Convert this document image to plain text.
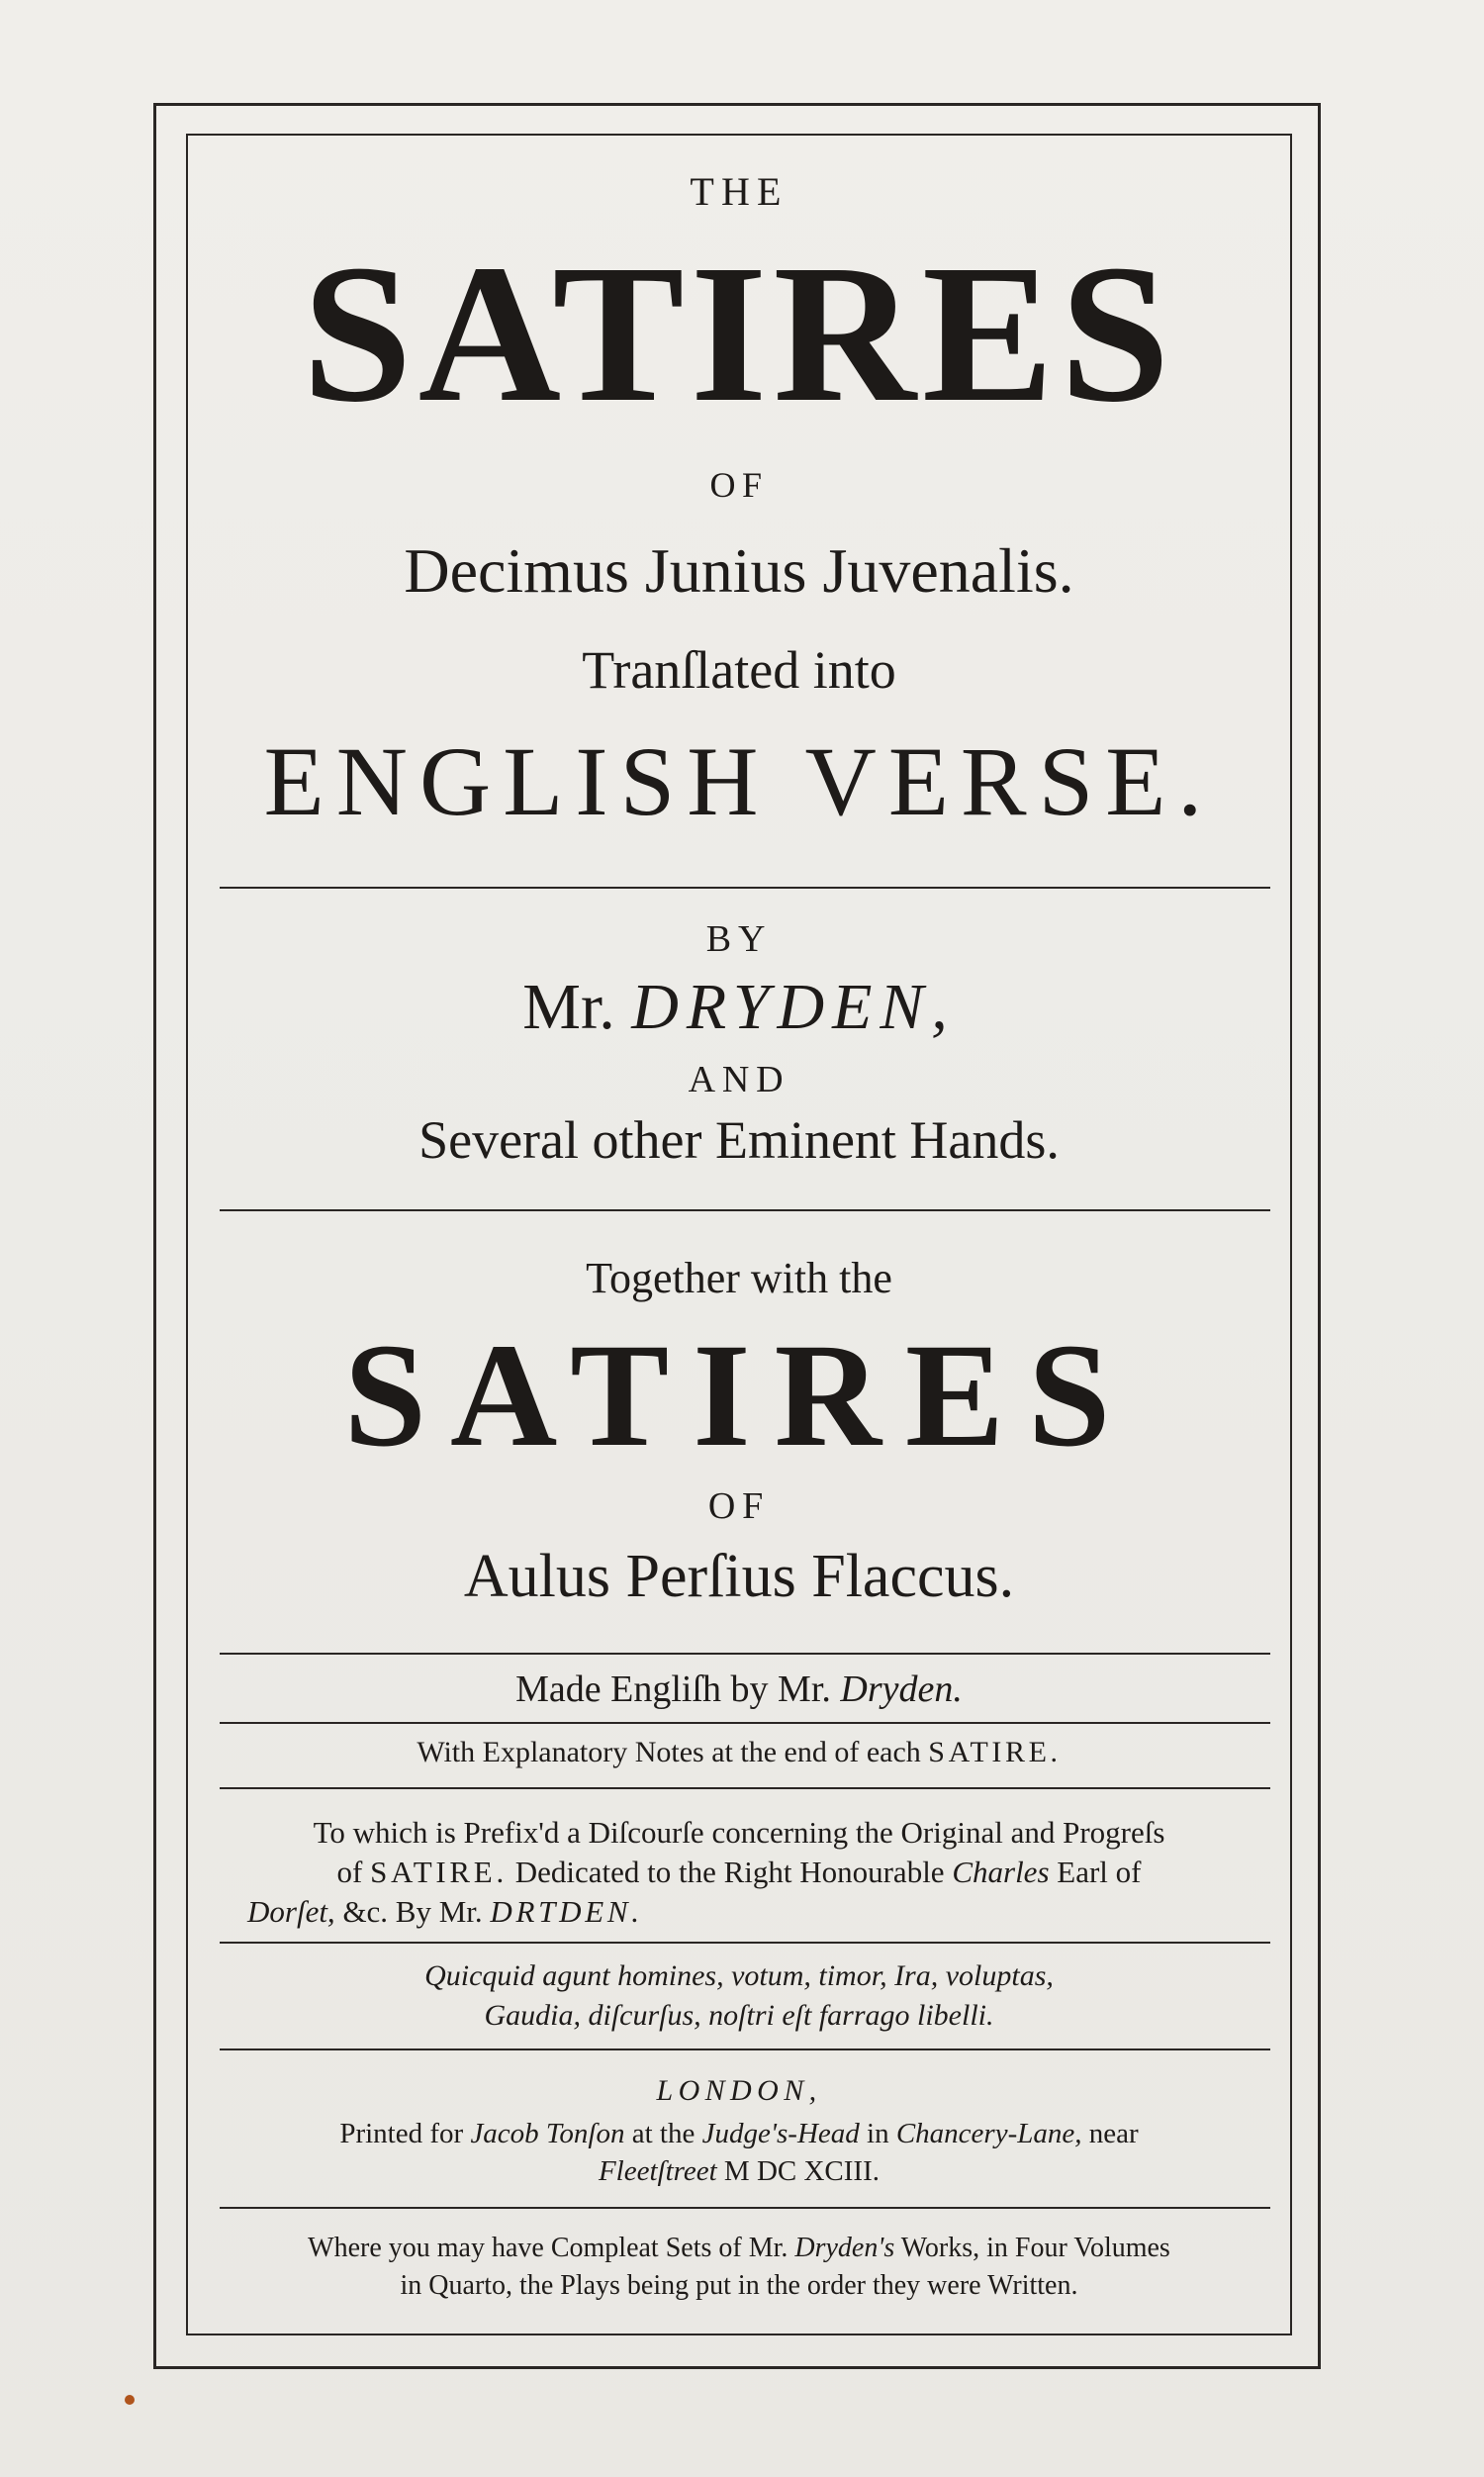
THE
SATIRES
OF
Decimus Junius Juvenalis.
Tranſlated into
ENGLISH VERSE.
BY
Mr. DRYDEN,
AND
Several other Eminent Hands.
Together with the
SATIRES
OF
Aulus Perſius Flaccus.
Made Engliſh by Mr. Dryden.
With Explanatory Notes at the end of each SATIRE.
To which is Prefix'd a Diſcourſe concerning the Original and Progreſs
of SATIRE. Dedicated to the Right Honourable Charles Earl of
Dorſet, &c. By Mr. DRTDEN.
Quicquid agunt homines, votum, timor, Ira, voluptas,
Gaudia, diſcurſus, noſtri eſt farrago libelli.
LONDON,
Printed for Jacob Tonſon at the Judge's-Head in Chancery-Lane, near
Fleetſtreet M DC XCIII.
Where you may have Compleat Sets of Mr. Dryden's Works, in Four Volumes
in Quarto, the Plays being put in the order they were Written.
